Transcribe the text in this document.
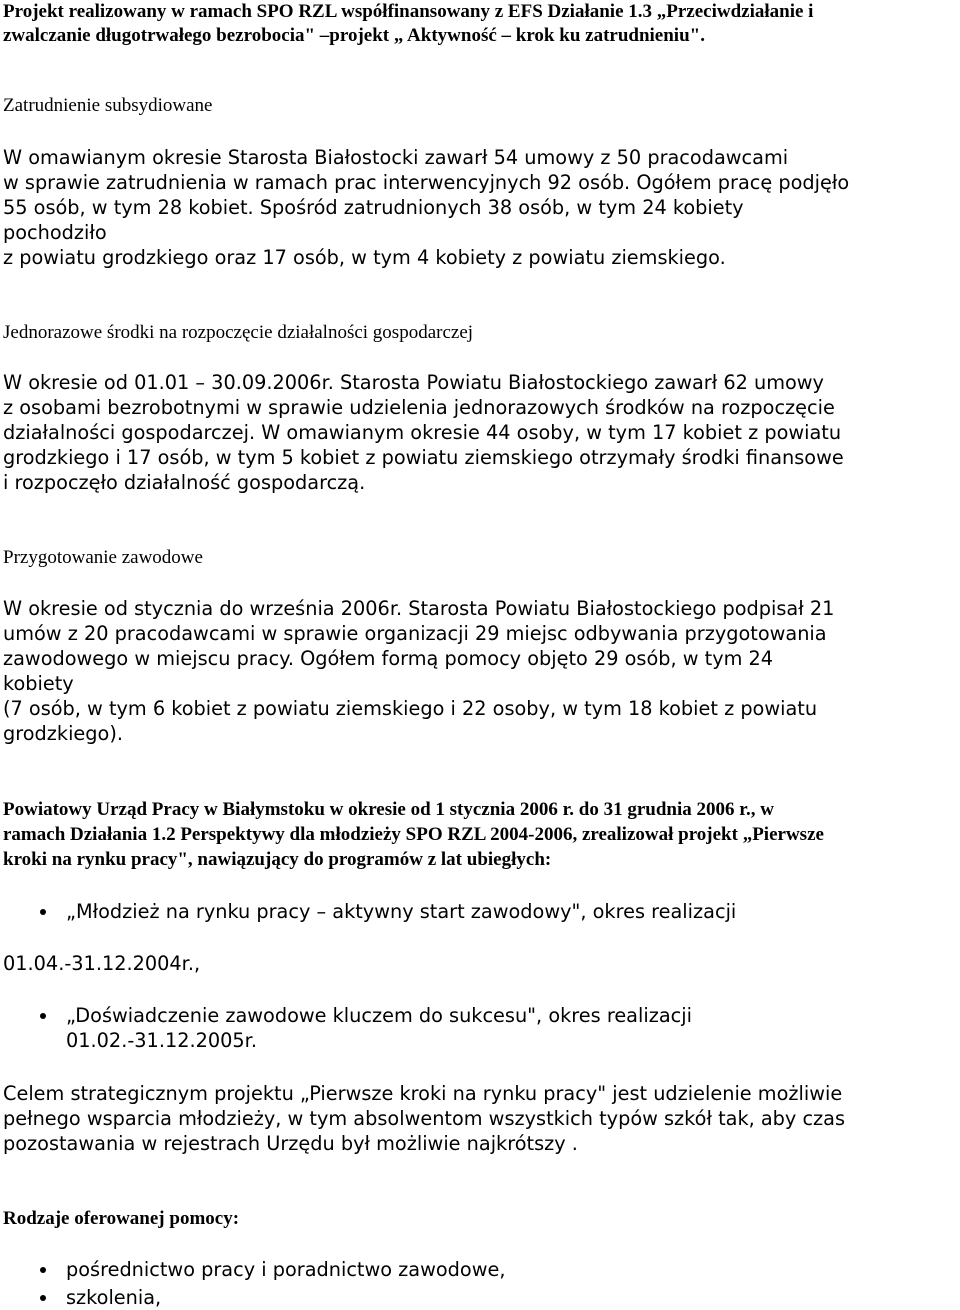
Projekt realizowany w ramach SPO RZL współfinansowany z EFS Działanie 1.3 „Przeciwdziałanie i
zwalczanie długotrwałego bezrobocia" –projekt „ Aktywność – krok ku zatrudnieniu".
Zatrudnienie subsydiowane
W omawianym okresie Starosta Białostocki zawarł 54 umowy z 50 pracodawcami
w sprawie zatrudnienia w ramach prac interwencyjnych 92 osób. Ogółem pracę podjęło
55 osób, w tym 28 kobiet. Spośród zatrudnionych 38 osób, w tym 24 kobiety
pochodziło
z powiatu grodzkiego oraz 17 osób, w tym 4 kobiety z powiatu ziemskiego.
Jednorazowe środki na rozpoczęcie działalności gospodarczej
W okresie od 01.01 – 30.09.2006r. Starosta Powiatu Białostockiego zawarł 62 umowy
z osobami bezrobotnymi w sprawie udzielenia jednorazowych środków na rozpoczęcie
działalności gospodarczej. W omawianym okresie 44 osoby, w tym 17 kobiet z powiatu
grodzkiego i 17 osób, w tym 5 kobiet z powiatu ziemskiego otrzymały środki finansowe
i rozpoczęło działalność gospodarczą.
Przygotowanie zawodowe
W okresie od stycznia do września 2006r. Starosta Powiatu Białostockiego podpisał 21
umów z 20 pracodawcami w sprawie organizacji 29 miejsc odbywania przygotowania
zawodowego w miejscu pracy. Ogółem formą pomocy objęto 29 osób, w tym 24
kobiety
(7 osób, w tym 6 kobiet z powiatu ziemskiego i 22 osoby, w tym 18 kobiet z powiatu
grodzkiego).
Powiatowy Urząd Pracy w Białymstoku w okresie od 1 stycznia 2006 r. do 31 grudnia 2006 r., w
ramach Działania 1.2 Perspektywy dla młodzieży SPO RZL 2004-2006, zrealizował projekt „Pierwsze
kroki na rynku pracy", nawiązujący do programów z lat ubiegłych:
„Młodzież na rynku pracy – aktywny start zawodowy", okres realizacji
01.04.-31.12.2004r.,
„Doświadczenie zawodowe kluczem do sukcesu", okres realizacji
01.02.-31.12.2005r.
Celem strategicznym projektu „Pierwsze kroki na rynku pracy" jest udzielenie możliwie
pełnego wsparcia młodzieży, w tym absolwentom wszystkich typów szkół tak, aby czas
pozostawania w rejestrach Urzędu był możliwie najkrótszy .
Rodzaje oferowanej pomocy:
pośrednictwo pracy i poradnictwo zawodowe,
szkolenia,
